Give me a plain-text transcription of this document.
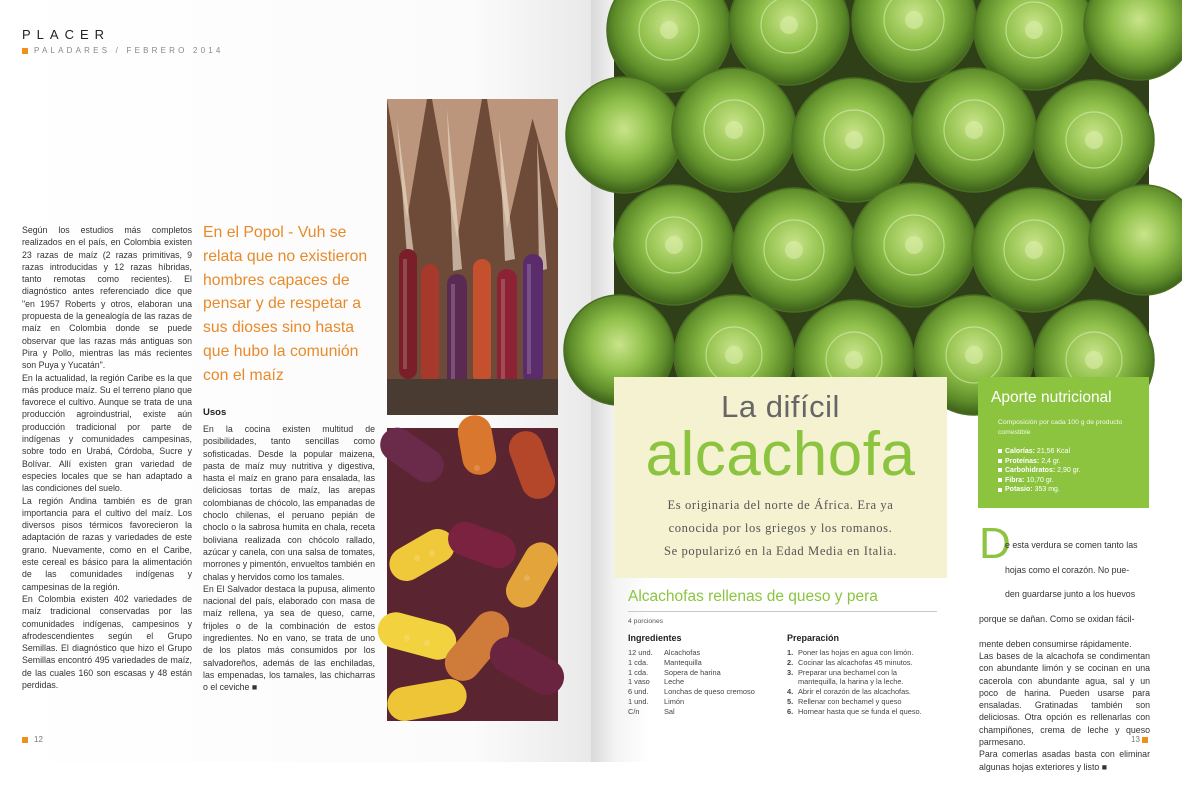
PLACER
PALADARES / FEBRERO 2014
Según los estudios más completos realizados en el país, en Colombia existen 23 razas de maíz (2 razas primitivas, 9 razas introducidas y 12 razas híbridas, tanto remotas como recientes). El diagnóstico antes referenciado dice que "en 1957 Roberts y otros, elaboran una propuesta de la genealogía de las razas de maíz en Colombia donde se puede observar que las razas más antiguas son Pira y Pollo, mientras las más recientes son Puya y Yucatán".
En la actualidad, la región Caribe es la que más produce maíz. Su el terreno plano que favorece el cultivo. Aunque se trata de una producción agroindustrial, existe aún producción tradicional por parte de indígenas y comunidades campesinas, sobre todo en Urabá, Córdoba, Sucre y Bolívar. Allí existen gran variedad de especies locales que se han adaptado a las condiciones del suelo.
La región Andina también es de gran importancia para el cultivo del maíz. Los diversos pisos térmicos favorecieron la adaptación de razas y variedades de este grano. Nuevamente, como en el Caribe, este cereal es básico para la alimentación de las comunidades indígenas y campesinas de la región.
En Colombia existen 402 variedades de maíz tradicional conservadas por las comunidades indígenas, campesinos y afrodescendientes según el Grupo Semillas. El diagnóstico que hizo el Grupo Semillas encontró 495 variedades de maíz, de las cuales 160 son escasas y 48 están perdidas.
En el Popol - Vuh se relata que no existieron hombres capaces de pensar y de respetar a sus dioses sino hasta que hubo la comunión con el maíz
Usos
En la cocina existen multitud de posibilidades, tanto sencillas como sofisticadas. Desde la popular maizena, pasta de maíz muy nutritiva y digestiva, hasta el maíz en grano para ensalada, las deliciosas tortas de maíz, las arepas colombianas de chócolo, las empanadas de choclo chilenas, el peruano pepián de choclo o la sabrosa humita en chala, receta boliviana realizada con chócolo rallado, azúcar y canela, con una salsa de tomates, morrones y pimentón, envueltos también en chalas y hervidos como los tamales.
En El Salvador destaca la pupusa, alimento nacional del país, elaborado con masa de maíz rellena, ya sea de queso, carne, frijoles o de la combinación de estos ingredientes. No en vano, se trata de uno de los platos más consumidos por los salvadoreños, además de las enchiladas, las empenadas, los tamales, las chicharras o el ceviche ■
12
La difícil
alcachofa
Es originaria del norte de África. Era ya
conocida por los griegos y los romanos.
Se popularizó en la Edad Media en Italia.
Aporte nutricional
Composición por cada 100 g de producto comestible
Calorías: 21,56 Kcal
Proteínas: 2,4 gr.
Carbohidratos: 2,90 gr.
Fibra: 10,70 gr.
Potasio: 353 mg.
Alcachofas rellenas de queso y pera
4 porciones
Ingredientes
12 und. Alcachofas
1 cda. Mantequilla
1 cda. Sopera de harina
1 vaso Leche
6 und. Lonchas de queso cremoso
1 und. Limón
C/n	Sal
Preparación
1. Poner las hojas en agua con limón.
2. Cocinar las alcachofas 45 minutos.
3. Preparar una bechamel con la mantequilla, la harina y la leche.
4. Abrir el corazón de las alcachofas.
5. Rellenar con bechamel y queso
6. Hornear hasta que se funda el queso.
D

e esta verdura se comen tanto las

hojas como el corazón. No pue-

den guardarse junto a los huevos

porque se dañan. Como se oxidan fácil-

mente deben consumirse rápidamente.
Las bases de la alcachofa se condimentan con abundante limón y se cocinan en una cacerola con abundante agua, sal y un poco de harina. Pueden usarse para ensaladas. Gratinadas también son deliciosas. Otra opción es rellenarlas con champiñones, crema de leche y queso parmesano.
Para comerlas asadas basta con eliminar algunas hojas exteriores y listo ■

13
